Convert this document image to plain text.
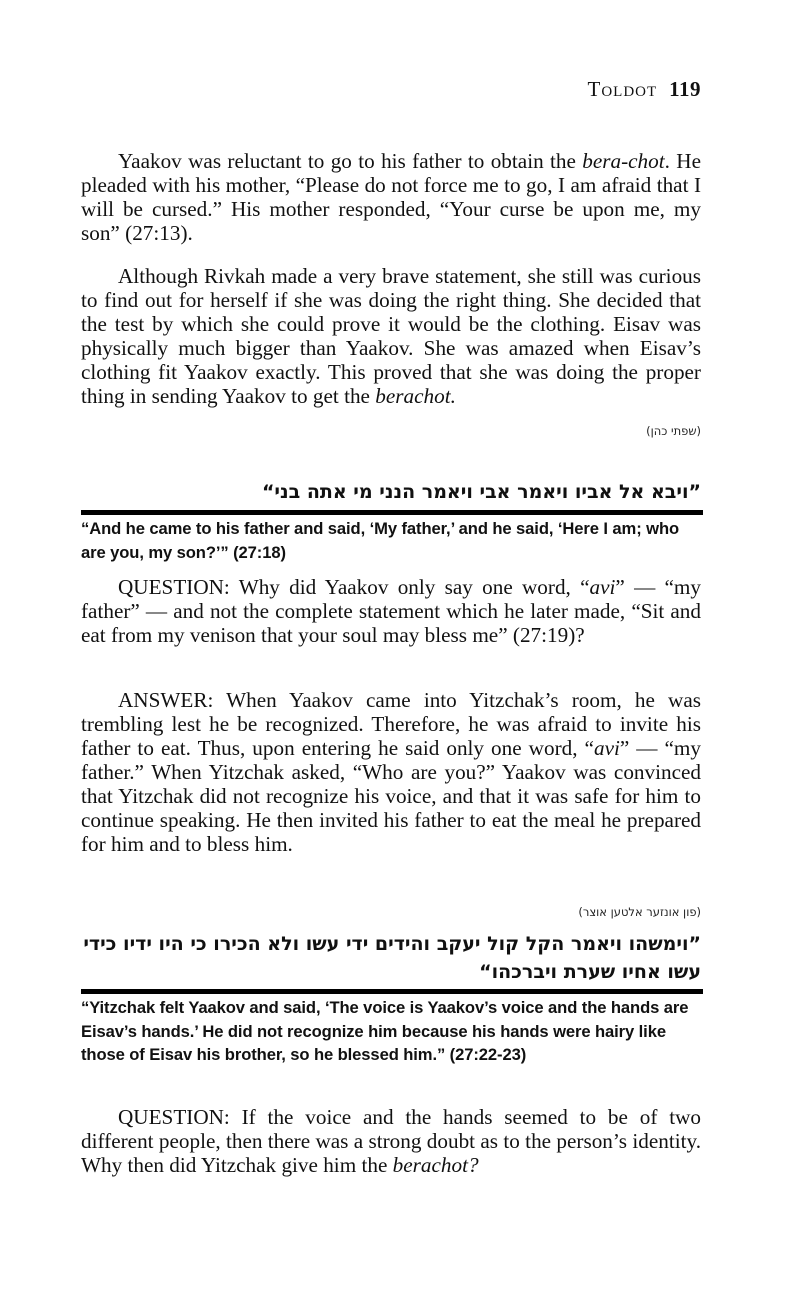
Toldot 119

Yaakov was reluctant to go to his father to obtain the bera-chot. He pleaded with his mother, “Please do not force me to go, I am afraid that I will be cursed.” His mother responded, “Your curse be upon me, my son” (27:13).

Although Rivkah made a very brave statement, she still was curious to find out for herself if she was doing the right thing. She decided that the test by which she could prove it would be the clothing. Eisav was physically much bigger than Yaakov. She was amazed when Eisav’s clothing fit Yaakov exactly. This proved that she was doing the proper thing in sending Yaakov to get the berachot.

(שפתי כהן)
”ויבא אל אביו ויאמר אבי ויאמר הנני מי אתה בני“
“And he came to his father and said, ‘My father,’ and he said, ‘Here I am; who are you, my son?’” (27:18)

QUESTION: Why did Yaakov only say one word, “avi” — “my father” — and not the complete statement which he later made, “Sit and eat from my venison that your soul may bless me” (27:19)?

ANSWER: When Yaakov came into Yitzchak’s room, he was trembling lest he be recognized. Therefore, he was afraid to invite his father to eat. Thus, upon entering he said only one word, “avi” — “my father.” When Yitzchak asked, “Who are you?” Yaakov was convinced that Yitzchak did not recognize his voice, and that it was safe for him to continue speaking. He then invited his father to eat the meal he prepared for him and to bless him.

(פון אונזער אלטען אוצר)
”וימשהו ויאמר הקל קול יעקב והידים ידי עשו ולא הכירו כי היו ידיו כידי עשו אחיו שערת ויברכהו“
“Yitzchak felt Yaakov and said, ‘The voice is Yaakov’s voice and the hands are Eisav’s hands.’ He did not recognize him because his hands were hairy like those of Eisav his brother, so he blessed him.” (27:22-23)

QUESTION: If the voice and the hands seemed to be of two different people, then there was a strong doubt as to the person’s identity. Why then did Yitzchak give him the berachot?
